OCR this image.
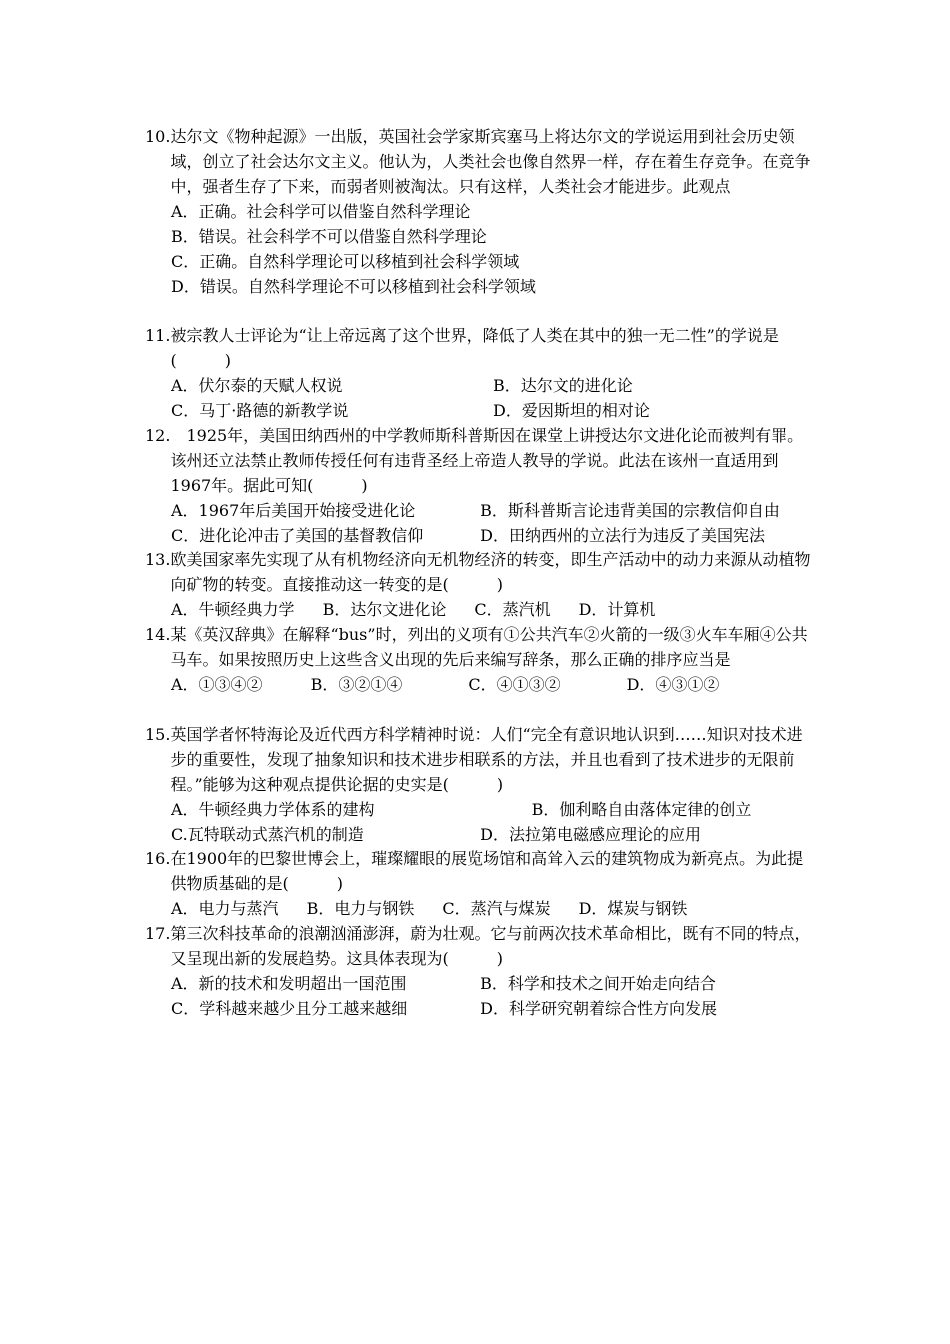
10. 达尔文《物种起源》一出版，英国社会学家斯宾塞马上将达尔文的学说运用到社会历史领域，创立了社会达尔文主义。他认为，人类社会也像自然界一样，存在着生存竞争。在竞争中，强者生存了下来，而弱者则被淘汰。只有这样，人类社会才能进步。此观点
A．正确。社会科学可以借鉴自然科学理论
B．错误。社会科学不可以借鉴自然科学理论
C．正确。自然科学理论可以移植到社会科学领域
D．错误。自然科学理论不可以移植到社会科学领域
11. 被宗教人士评论为“让上帝远离了这个世界，降低了人类在其中的独一无二性”的学说是(　　　)
A．伏尔泰的天赋人权说	B．达尔文的进化论
C．马丁·路德的新教学说	D．爱因斯坦的相对论
12. 　1925年，美国田纳西州的中学教师斯科普斯因在课堂上讲授达尔文进化论而被判有罪。该州还立法禁止教师传授任何有违背圣经上帝造人教导的学说。此法在该州一直适用到1967年。据此可知(　　　)
A．1967年后美国开始接受进化论	B．斯科普斯言论违背美国的宗教信仰自由
C．进化论冲击了美国的基督教信仰	D．田纳西州的立法行为违反了美国宪法
13. 欧美国家率先实现了从有机物经济向无机物经济的转变，即生产活动中的动力来源从动植物向矿物的转变。直接推动这一转变的是(　　　)
A．牛顿经典力学 B．达尔文进化论 C．蒸汽机 D．计算机
14. 某《英汉辞典》在解释“bus”时，列出的义项有①公共汽车②火箭的一级③火车车厢④公共马车。如果按照历史上这些含义出现的先后来编写辞条，那么正确的排序应当是
A．①③④②	B．③②①④	C．④①③②	D．④③①②
15. 英国学者怀特海论及近代西方科学精神时说：人们“完全有意识地认识到……知识对技术进步的重要性，发现了抽象知识和技术进步相联系的方法，并且也看到了技术进步的无限前程。”能够为这种观点提供论据的史实是(　　　)
A．牛顿经典力学体系的建构	B．伽利略自由落体定律的创立
C.瓦特联动式蒸汽机的制造	D．法拉第电磁感应理论的应用
16. 在1900年的巴黎世博会上，璀璨耀眼的展览场馆和高耸入云的建筑物成为新亮点。为此提供物质基础的是(　　　)
A．电力与蒸汽 B．电力与钢铁 C．蒸汽与煤炭 D．煤炭与钢铁
17. 第三次科技革命的浪潮汹涌澎湃，蔚为壮观。它与前两次技术革命相比，既有不同的特点，又呈现出新的发展趋势。这具体表现为(　　　)
A．新的技术和发明超出一国范围	B．科学和技术之间开始走向结合
C．学科越来越少且分工越来越细	D．科学研究朝着综合性方向发展
